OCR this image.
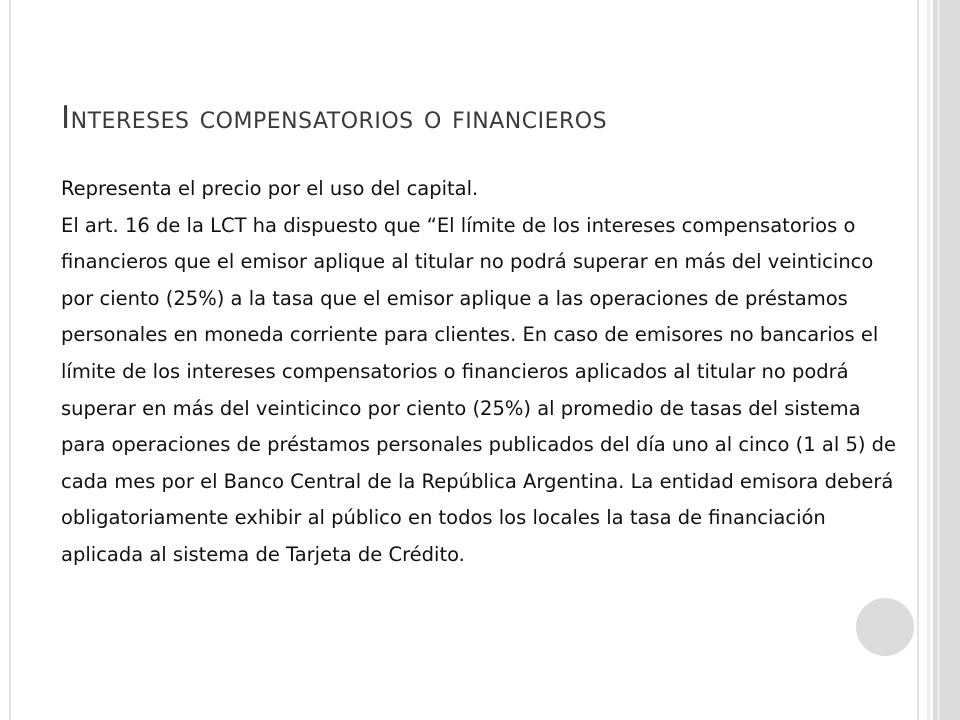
Intereses compensatorios o financieros

Representa el precio por el uso del capital.

El art. 16 de la LCT ha dispuesto que “El límite de los intereses compensatorios o financieros que el emisor aplique al titular no podrá superar en más del veinticinco por ciento (25%) a la tasa que el emisor aplique a las operaciones de préstamos personales en moneda corriente para clientes. En caso de emisores no bancarios el límite de los intereses compensatorios o financieros aplicados al titular no podrá superar en más del veinticinco por ciento (25%) al promedio de tasas del sistema para operaciones de préstamos personales publicados del día uno al cinco (1 al 5) de cada mes por el Banco Central de la República Argentina. La entidad emisora deberá obligatoriamente exhibir al público en todos los locales la tasa de financiación aplicada al sistema de Tarjeta de Crédito.
